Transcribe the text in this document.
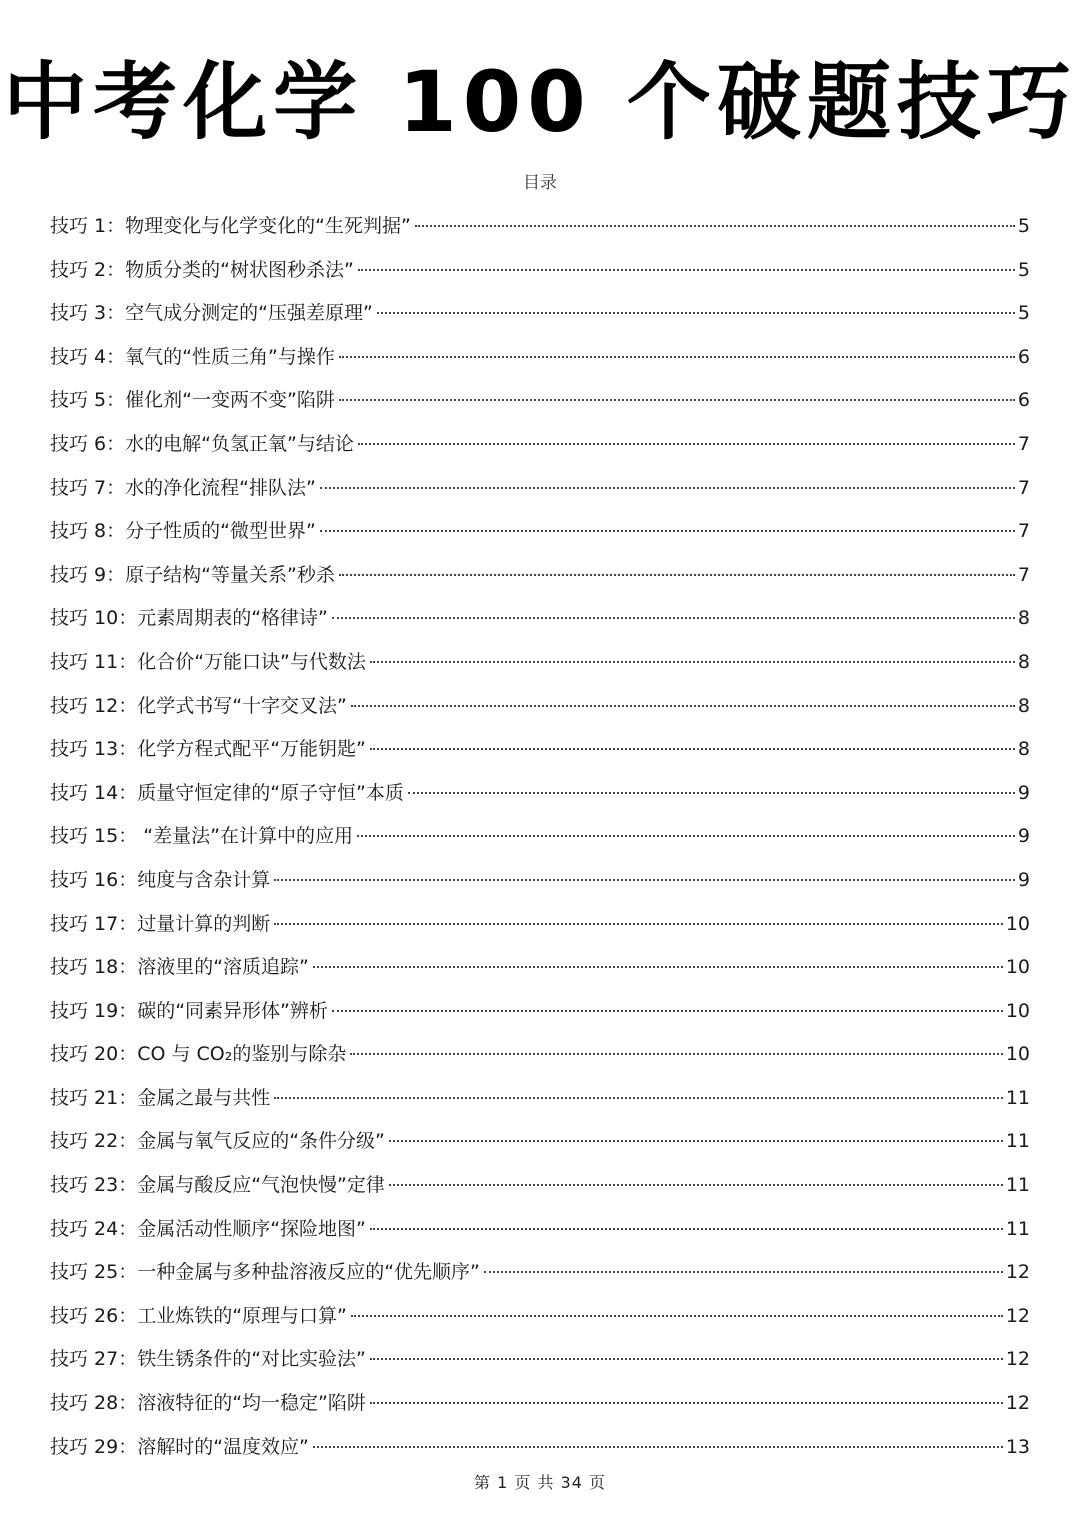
中考化学 100 个破题技巧
目录
技巧 1：物理变化与化学变化的“生死判据”	5
技巧 2：物质分类的“树状图秒杀法”	5
技巧 3：空气成分测定的“压强差原理”	5
技巧 4：氧气的“性质三角”与操作	6
技巧 5：催化剂“一变两不变”陷阱	6
技巧 6：水的电解“负氢正氧”与结论	7
技巧 7：水的净化流程“排队法”	7
技巧 8：分子性质的“微型世界”	7
技巧 9：原子结构“等量关系”秒杀	7
技巧 10：元素周期表的“格律诗”	8
技巧 11：化合价“万能口诀”与代数法	8
技巧 12：化学式书写“十字交叉法”	8
技巧 13：化学方程式配平“万能钥匙”	8
技巧 14：质量守恒定律的“原子守恒”本质	9
技巧 15： “差量法”在计算中的应用	9
技巧 16：纯度与含杂计算	9
技巧 17：过量计算的判断	10
技巧 18：溶液里的“溶质追踪”	10
技巧 19：碳的“同素异形体”辨析	10
技巧 20：CO 与 CO₂的鉴别与除杂	10
技巧 21：金属之最与共性	11
技巧 22：金属与氧气反应的“条件分级”	11
技巧 23：金属与酸反应“气泡快慢”定律	11
技巧 24：金属活动性顺序“探险地图”	11
技巧 25：一种金属与多种盐溶液反应的“优先顺序”	12
技巧 26：工业炼铁的“原理与口算”	12
技巧 27：铁生锈条件的“对比实验法”	12
技巧 28：溶液特征的“均一稳定”陷阱	12
技巧 29：溶解时的“温度效应”	13
第 1 页 共 34 页
